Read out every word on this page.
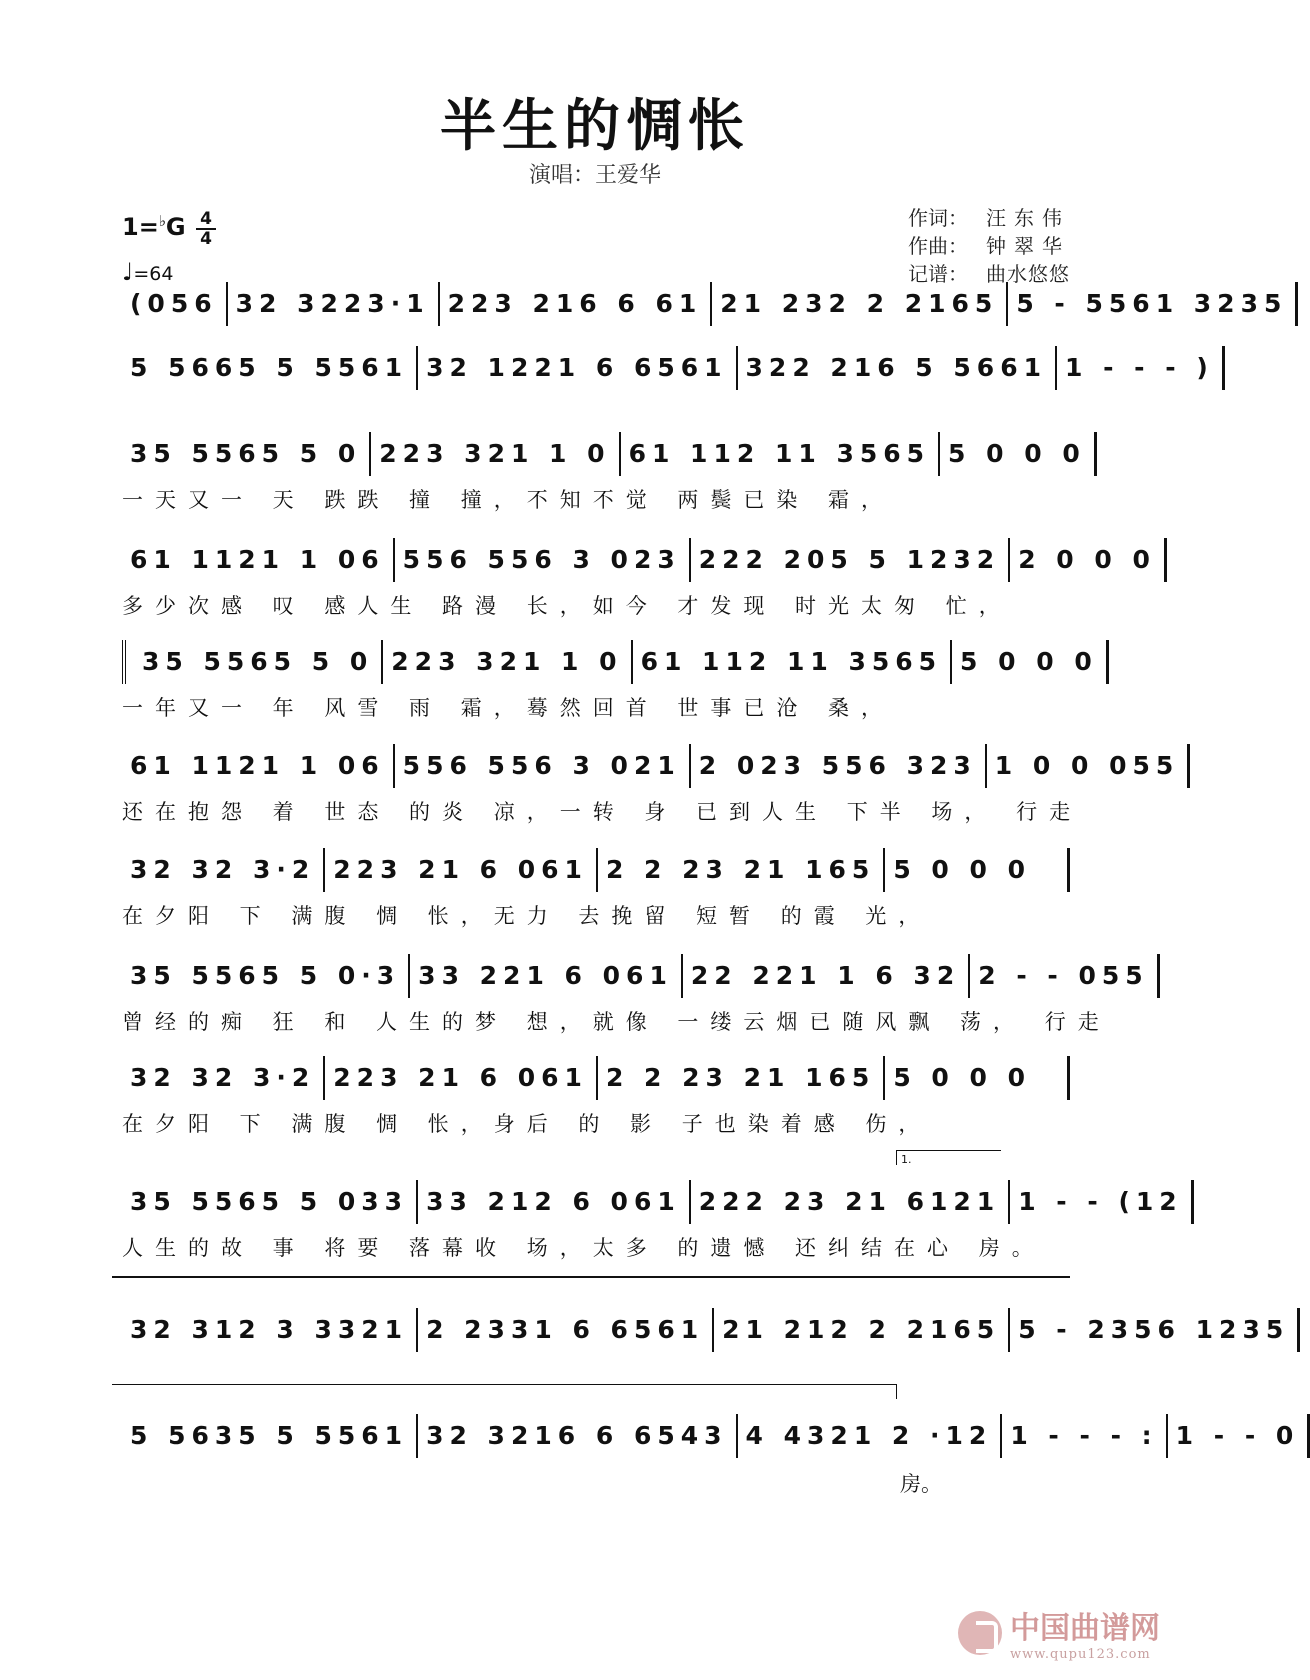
半生的惆怅
演唱：王爱华
1=♭G 4
4
♩=64
作词： 汪东伟
作曲： 钟翠华
记谱： 曲水悠悠
(056 32 3223·1 223 216 6 61 21 232 2 2165 5 - 5561 3235
5 5665 5 5561 32 1221 6 6561 322 216 5 5661 1 - - - )
35 5565 5 0 223 321 1 0 61 112 11 3565 5 0 0 0
一天又一 天 跌跌 撞 撞，不知不觉 两鬓已染 霜，
61 1121 1 06 556 556 3 023 222 205 5 1232 2 0 0 0
多少次感 叹 感人生 路漫 长，如今 才发现 时光太匆 忙，
35 5565 5 0 223 321 1 0 61 112 11 3565 5 0 0 0
一年又一 年 风雪 雨 霜，蓦然回首 世事已沧 桑，
61 1121 1 06 556 556 3 021 2 023 556 323 1 0 0 055
还在抱怨 着 世态 的炎 凉，一转 身 已到人生 下半 场， 行走
32 32 3·2 223 21 6 061 2 2 23 21 165 5 0 0 0
在夕阳 下 满腹 惆 怅，无力 去挽留 短暂 的霞 光，
35 5565 5 0·3 33 221 6 061 22 221 1 6 32 2 - - 055
曾经的痴 狂 和 人生的梦 想，就像 一缕云烟已随风飘 荡， 行走
32 32 3·2 223 21 6 061 2 2 23 21 165 5 0 0 0
在夕阳 下 满腹 惆 怅，身后 的 影 子也染着感 伤，
35 5565 5 033 33 212 6 061 222 23 21 6121 1 - - (12
人生的故 事 将要 落幕收 场，太多 的遗憾 还纠结在心 房。
32 312 3 3321 2 2331 6 6561 21 212 2 2165 5 - 2356 1235
5 5635 5 5561 32 3216 6 6543 4 4321 2 ·12 1 - - - : 1 - - 0
1.
房。
中国曲谱网
www.qupu123.com
